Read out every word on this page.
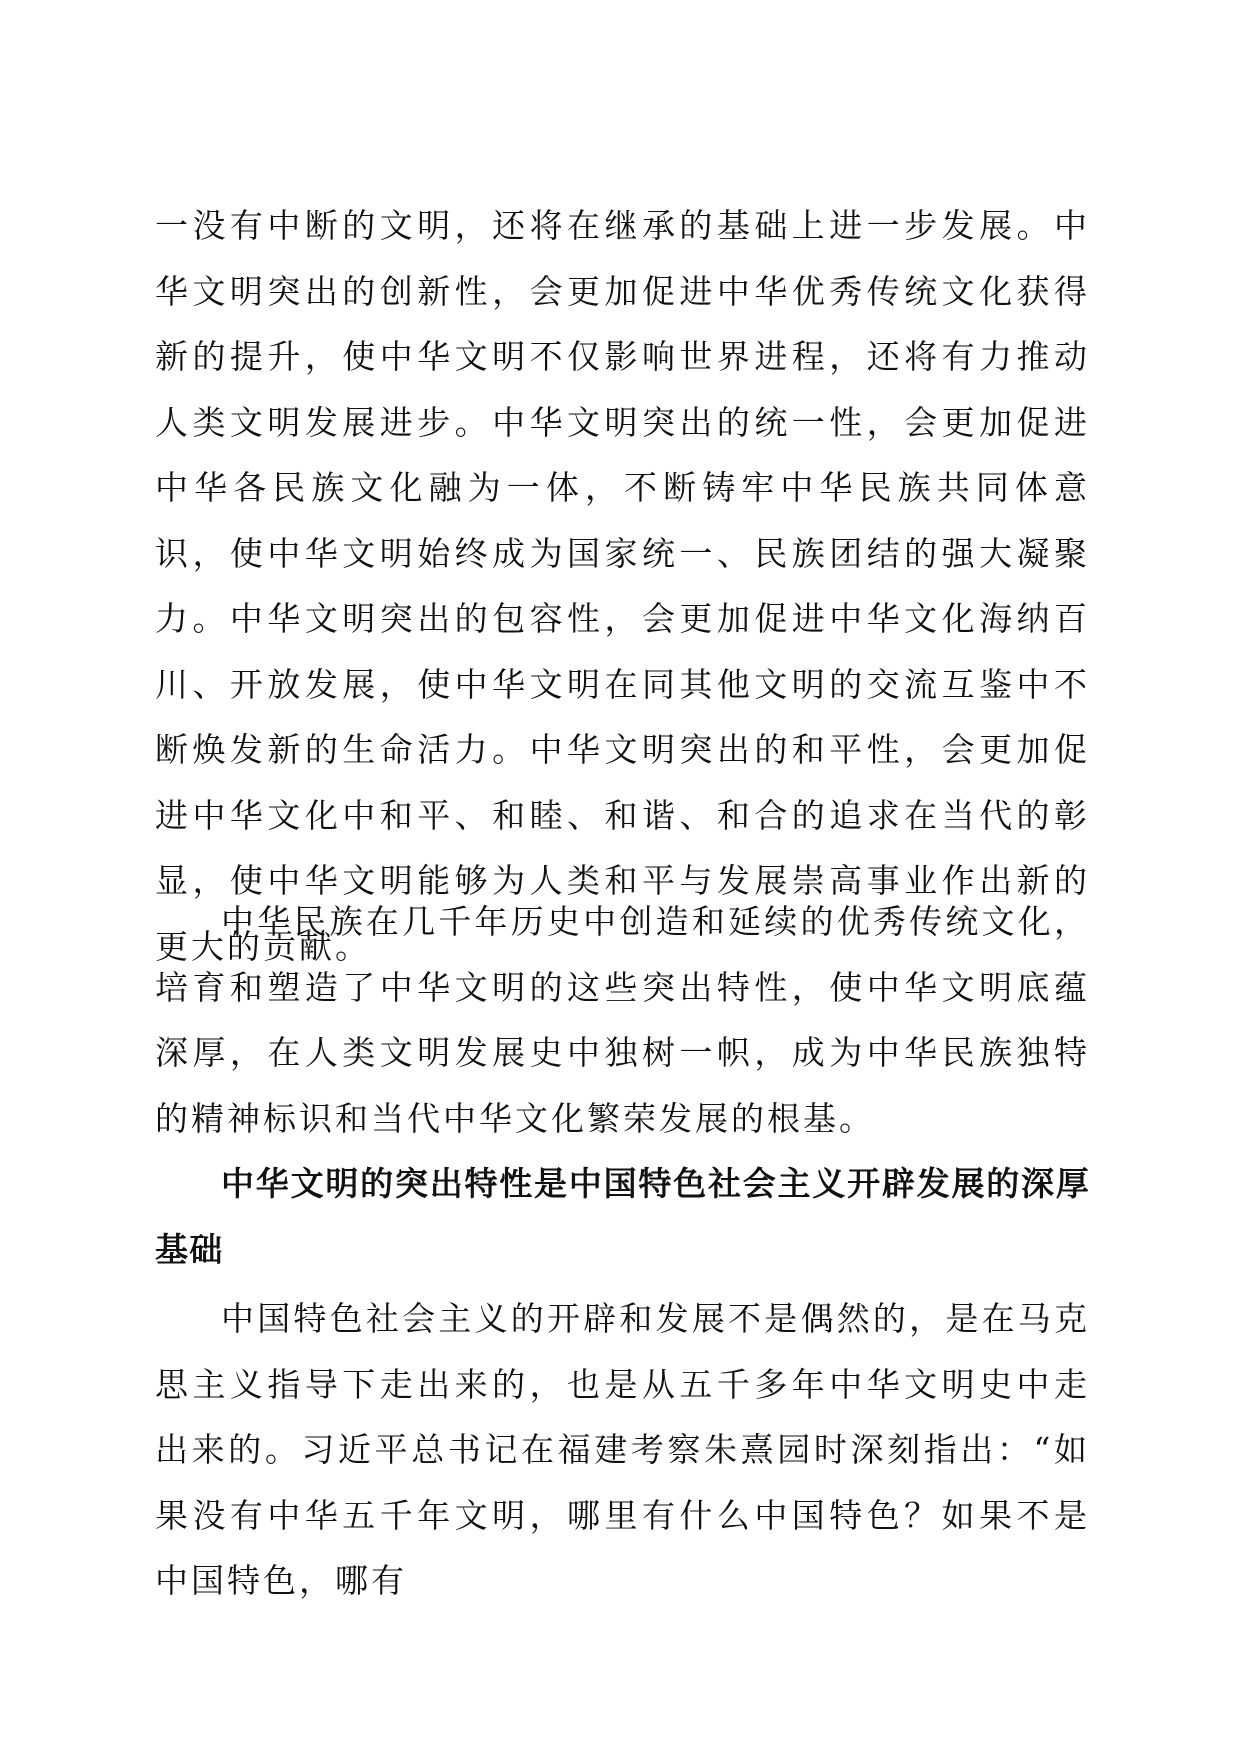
一没有中断的文明，还将在继承的基础上进一步发展。中华文明突出的创新性，会更加促进中华优秀传统文化获得新的提升，使中华文明不仅影响世界进程，还将有力推动人类文明发展进步。中华文明突出的统一性，会更加促进中华各民族文化融为一体，不断铸牢中华民族共同体意识，使中华文明始终成为国家统一、民族团结的强大凝聚力。中华文明突出的包容性，会更加促进中华文化海纳百川、开放发展，使中华文明在同其他文明的交流互鉴中不断焕发新的生命活力。中华文明突出的和平性，会更加促进中华文化中和平、和睦、和谐、和合的追求在当代的彰显，使中华文明能够为人类和平与发展崇高事业作出新的更大的贡献。

中华民族在几千年历史中创造和延续的优秀传统文化，培育和塑造了中华文明的这些突出特性，使中华文明底蕴深厚，在人类文明发展史中独树一帜，成为中华民族独特的精神标识和当代中华文化繁荣发展的根基。

中华文明的突出特性是中国特色社会主义开辟发展的深厚基础

中国特色社会主义的开辟和发展不是偶然的，是在马克思主义指导下走出来的，也是从五千多年中华文明史中走出来的。习近平总书记在福建考察朱熹园时深刻指出：“如果没有中华五千年文明，哪里有什么中国特色？如果不是中国特色，哪有
